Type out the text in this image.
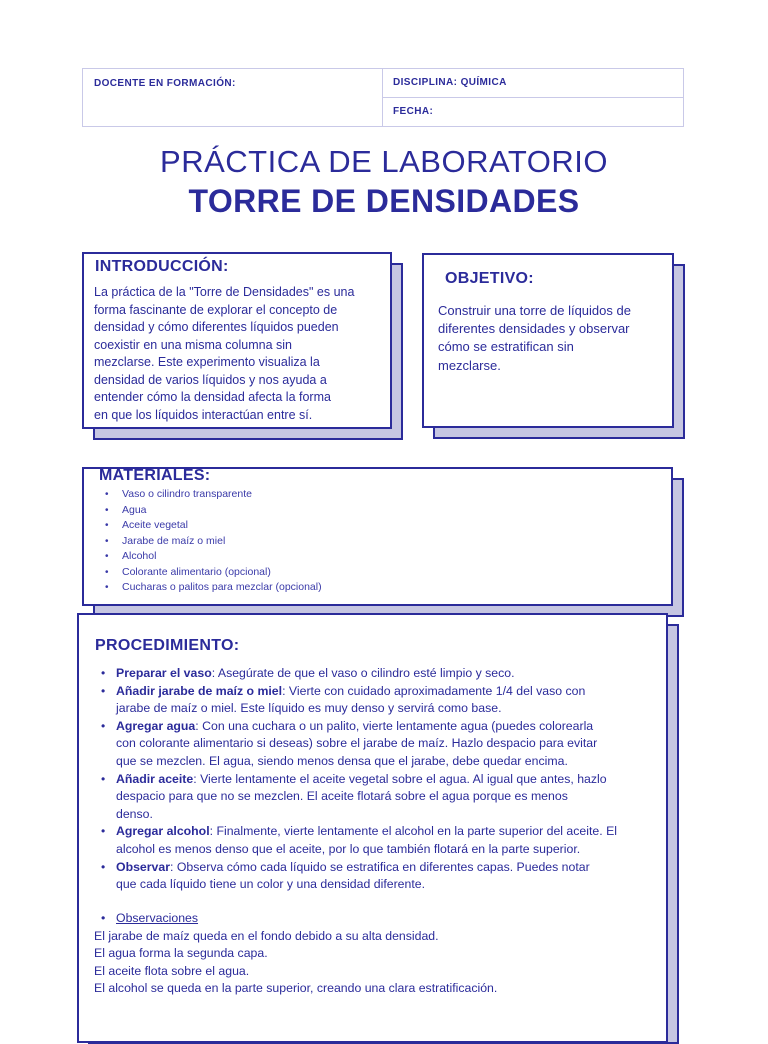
DOCENTE EN FORMACIÓN:	DISCIPLINA: QUÍMICA
FECHA:
PRÁCTICA DE LABORATORIO
TORRE DE DENSIDADES
INTRODUCCIÓN:
La práctica de la "Torre de Densidades" es una
forma fascinante de explorar el concepto de
densidad y cómo diferentes líquidos pueden
coexistir en una misma columna sin
mezclarse. Este experimento visualiza la
densidad de varios líquidos y nos ayuda a
entender cómo la densidad afecta la forma
en que los líquidos interactúan entre sí.
OBJETIVO:
Construir una torre de líquidos de
diferentes densidades y observar
cómo se estratifican sin
mezclarse.
MATERIALES:
• Vaso o cilindro transparente
• Agua
• Aceite vegetal
• Jarabe de maíz o miel
• Alcohol
• Colorante alimentario (opcional)
• Cucharas o palitos para mezclar (opcional)
PROCEDIMIENTO:
• Preparar el vaso: Asegúrate de que el vaso o cilindro esté limpio y seco.
• Añadir jarabe de maíz o miel: Vierte con cuidado aproximadamente 1/4 del vaso con
jarabe de maíz o miel. Este líquido es muy denso y servirá como base.
• Agregar agua: Con una cuchara o un palito, vierte lentamente agua (puedes colorearla
con colorante alimentario si deseas) sobre el jarabe de maíz. Hazlo despacio para evitar
que se mezclen. El agua, siendo menos densa que el jarabe, debe quedar encima.
• Añadir aceite: Vierte lentamente el aceite vegetal sobre el agua. Al igual que antes, hazlo
despacio para que no se mezclen. El aceite flotará sobre el agua porque es menos
denso.
• Agregar alcohol: Finalmente, vierte lentamente el alcohol en la parte superior del aceite. El
alcohol es menos denso que el aceite, por lo que también flotará en la parte superior.
• Observar: Observa cómo cada líquido se estratifica en diferentes capas. Puedes notar
que cada líquido tiene un color y una densidad diferente.
• Observaciones
El jarabe de maíz queda en el fondo debido a su alta densidad.
El agua forma la segunda capa.
El aceite flota sobre el agua.
El alcohol se queda en la parte superior, creando una clara estratificación.
